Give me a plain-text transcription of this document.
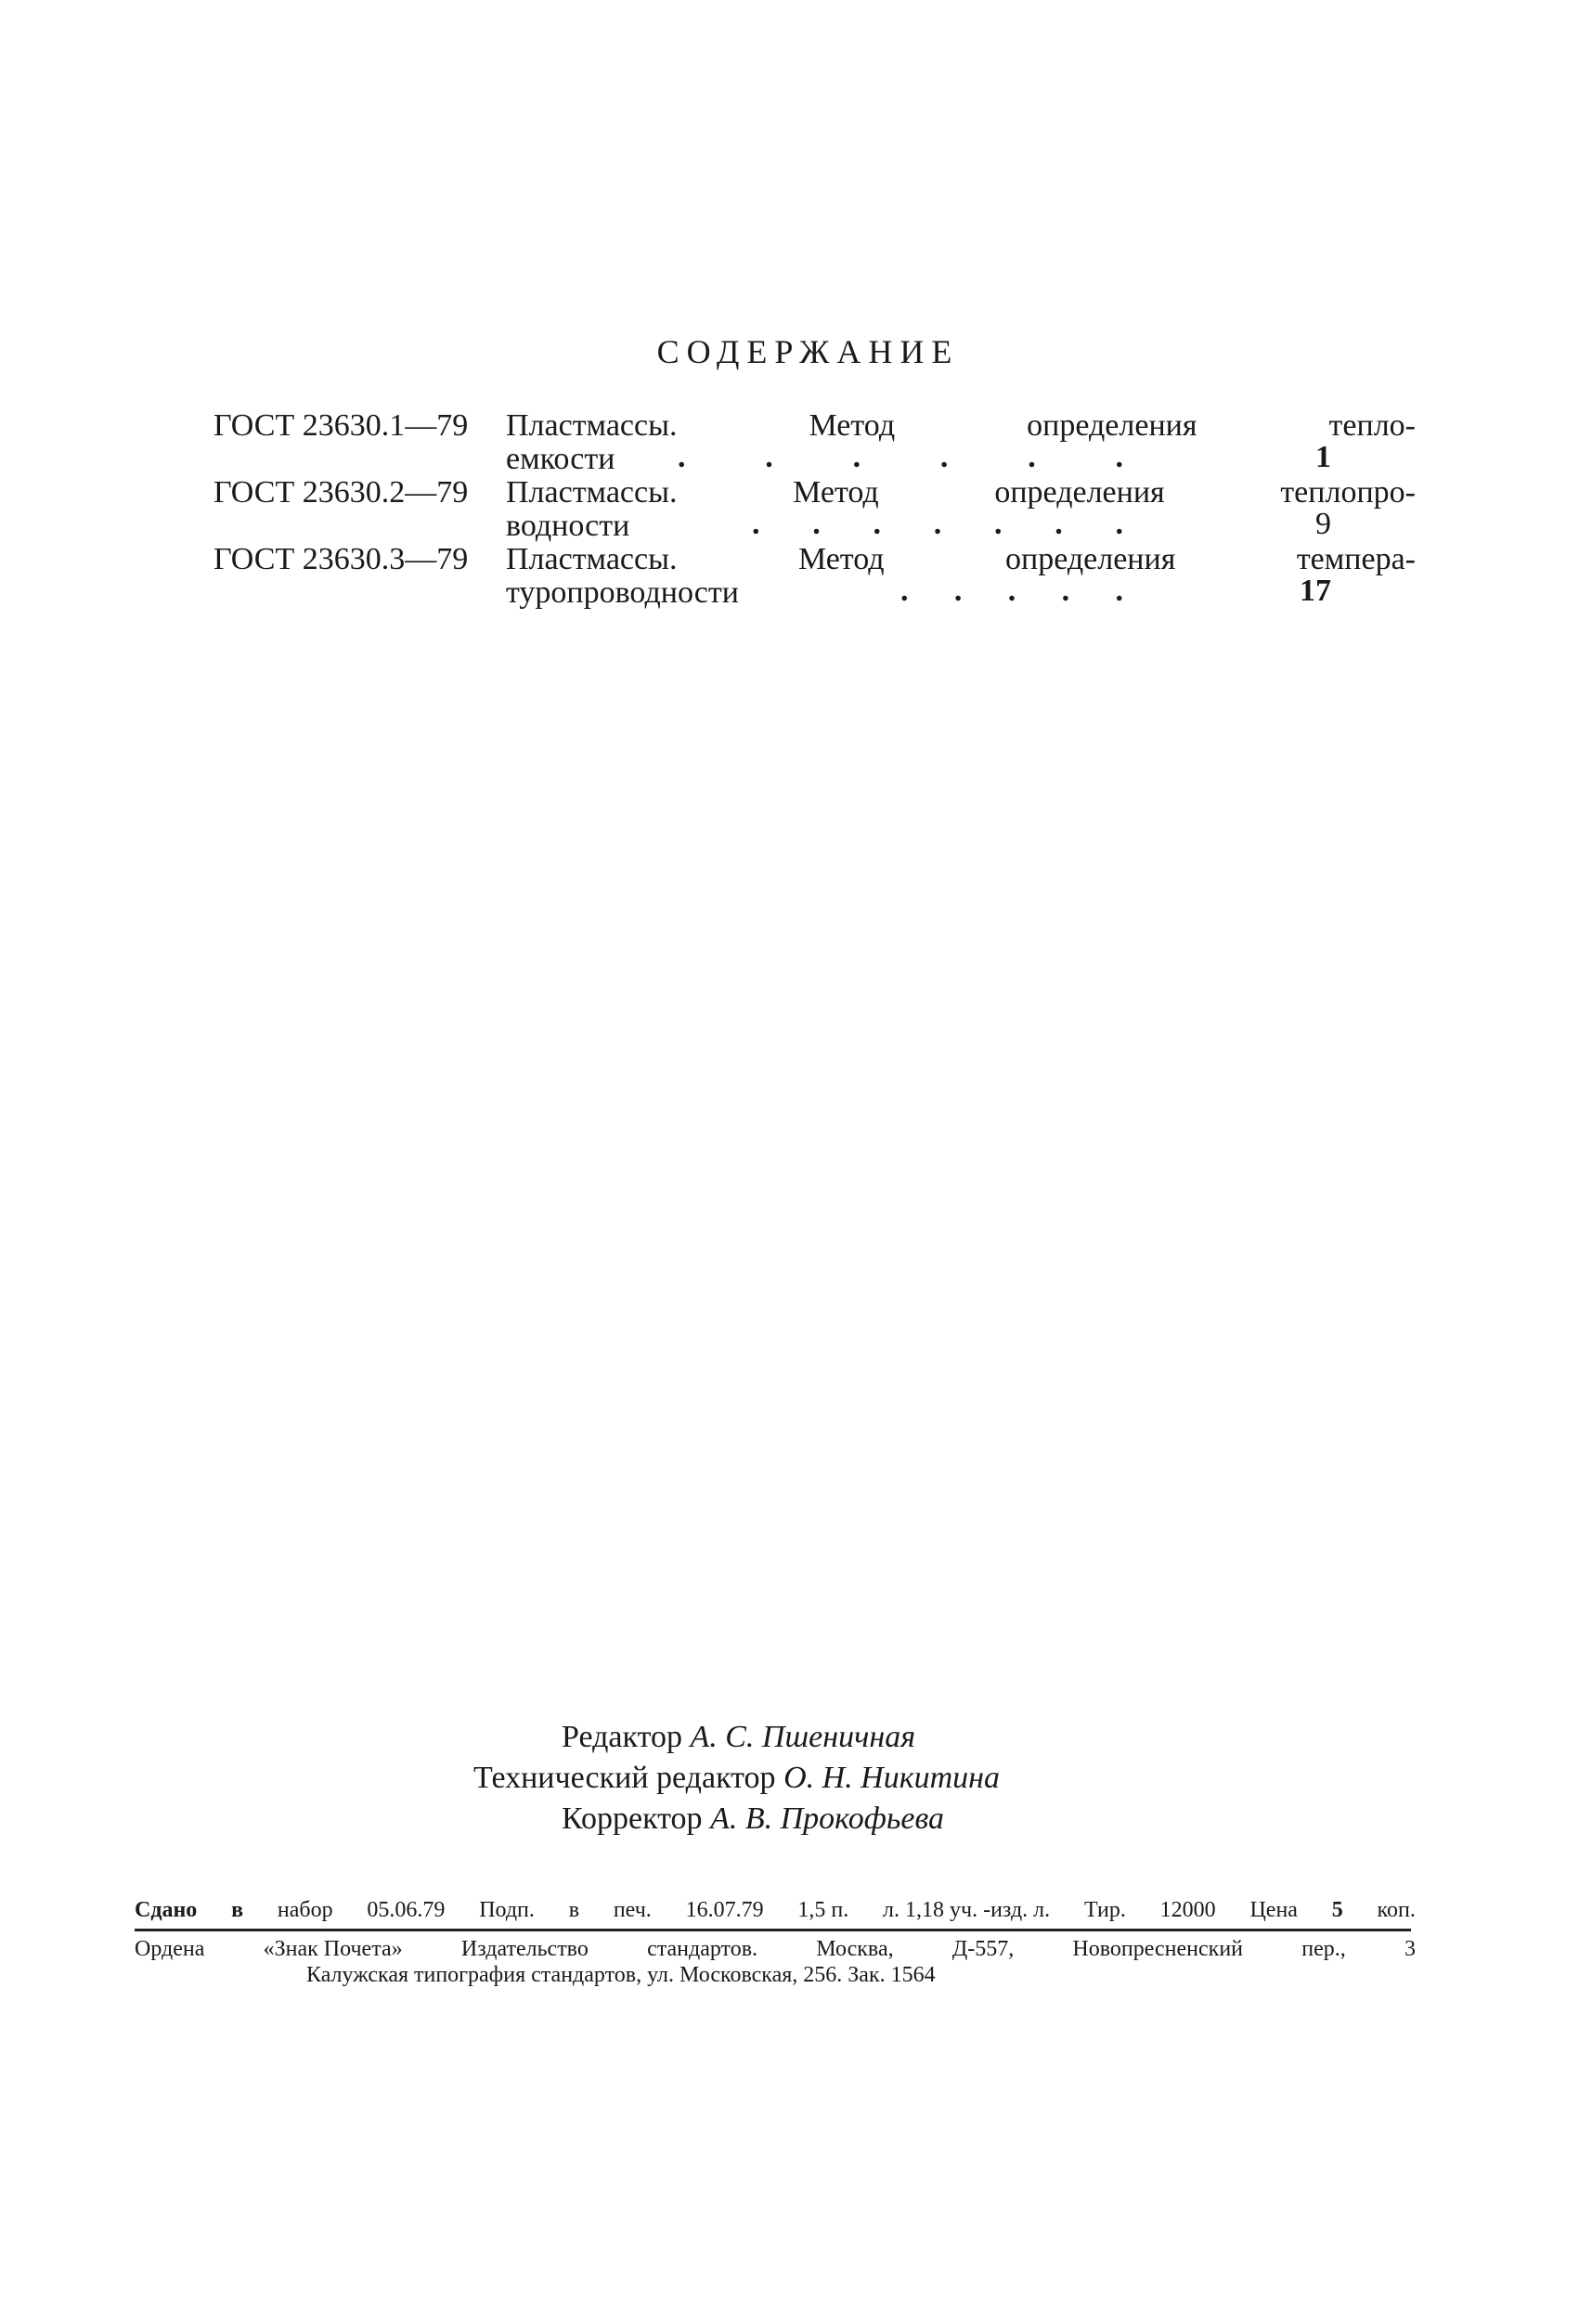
СОДЕРЖАНИЕ
ГОСТ 23630.1—79 Пластмассы.	Метод	определения	тепло-
емкости	.	.	.	.	.	.	1
ГОСТ 23630.2—79 Пластмассы.	Метод	определения	теплопро-
водности	. . . . . . .	9
ГОСТ 23630.3—79 Пластмассы.	Метод	определения	темпера-
туропроводности	. . . . .	17
Редактор А. С. Пшеничная
Технический редактор О. Н. Никитина
Корректор А. В. Прокофьева
Сдано в набор 05.06.79 Подп. в печ. 16.07.79 1,5 п. л. 1,18 уч. -изд. л. Тир. 12000 Цена 5 коп.
Ордена	«Знак Почета»	Издательство	стандартов.	Москва,	Д-557,	Новопресненский	пер.,	3
Калужская типография стандартов, ул. Московская, 256. Зак. 1564
